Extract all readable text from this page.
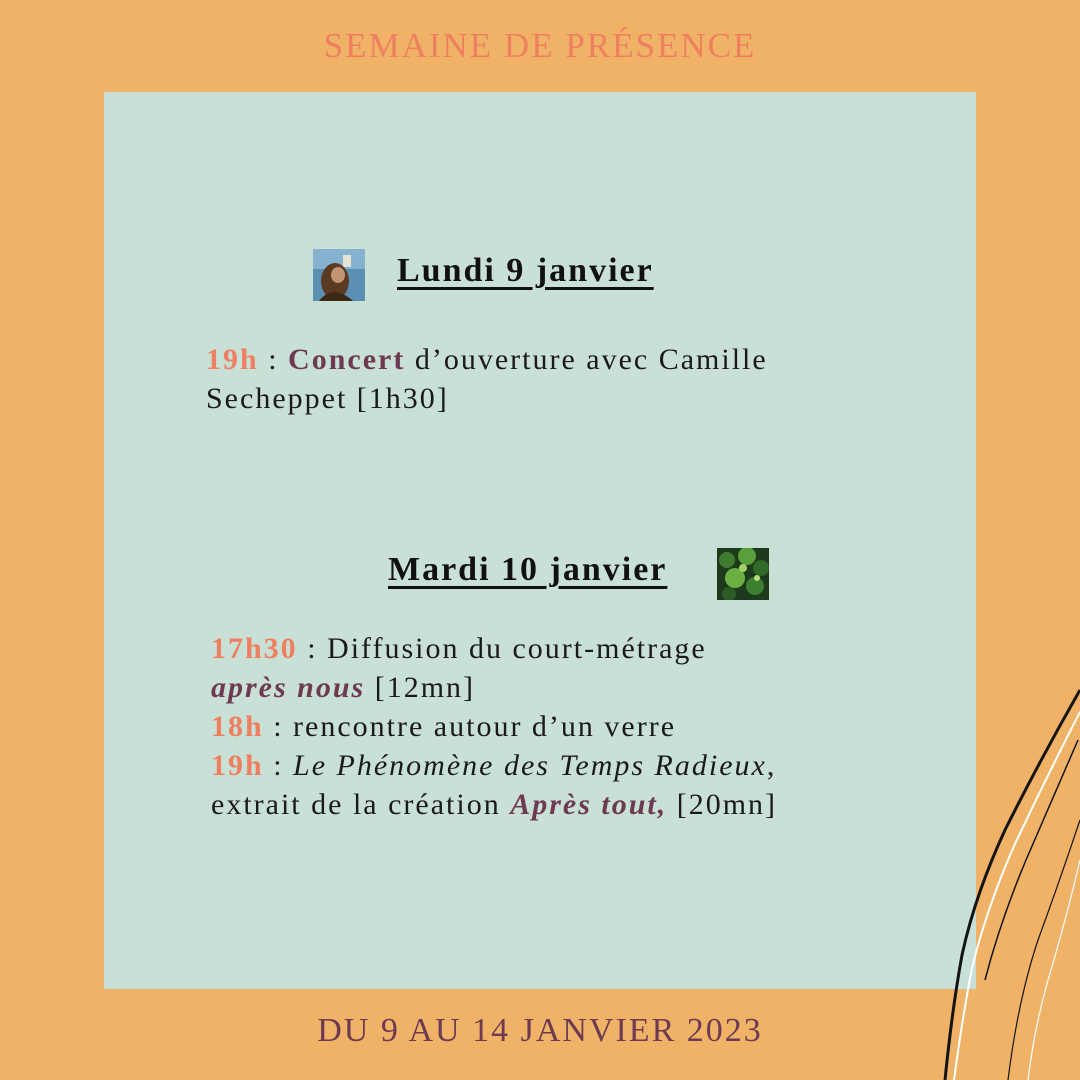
SEMAINE DE PRÉSENCE
Lundi 9 janvier
19h : Concert d’ouverture avec Camille
Secheppet [1h30]
Mardi 10 janvier
17h30 : Diffusion du court-métrage
après nous [12mn]
18h : rencontre autour d’un verre
19h : Le Phénomène des Temps Radieux,
extrait de la création Après tout, [20mn]
DU 9 AU 14 JANVIER 2023
